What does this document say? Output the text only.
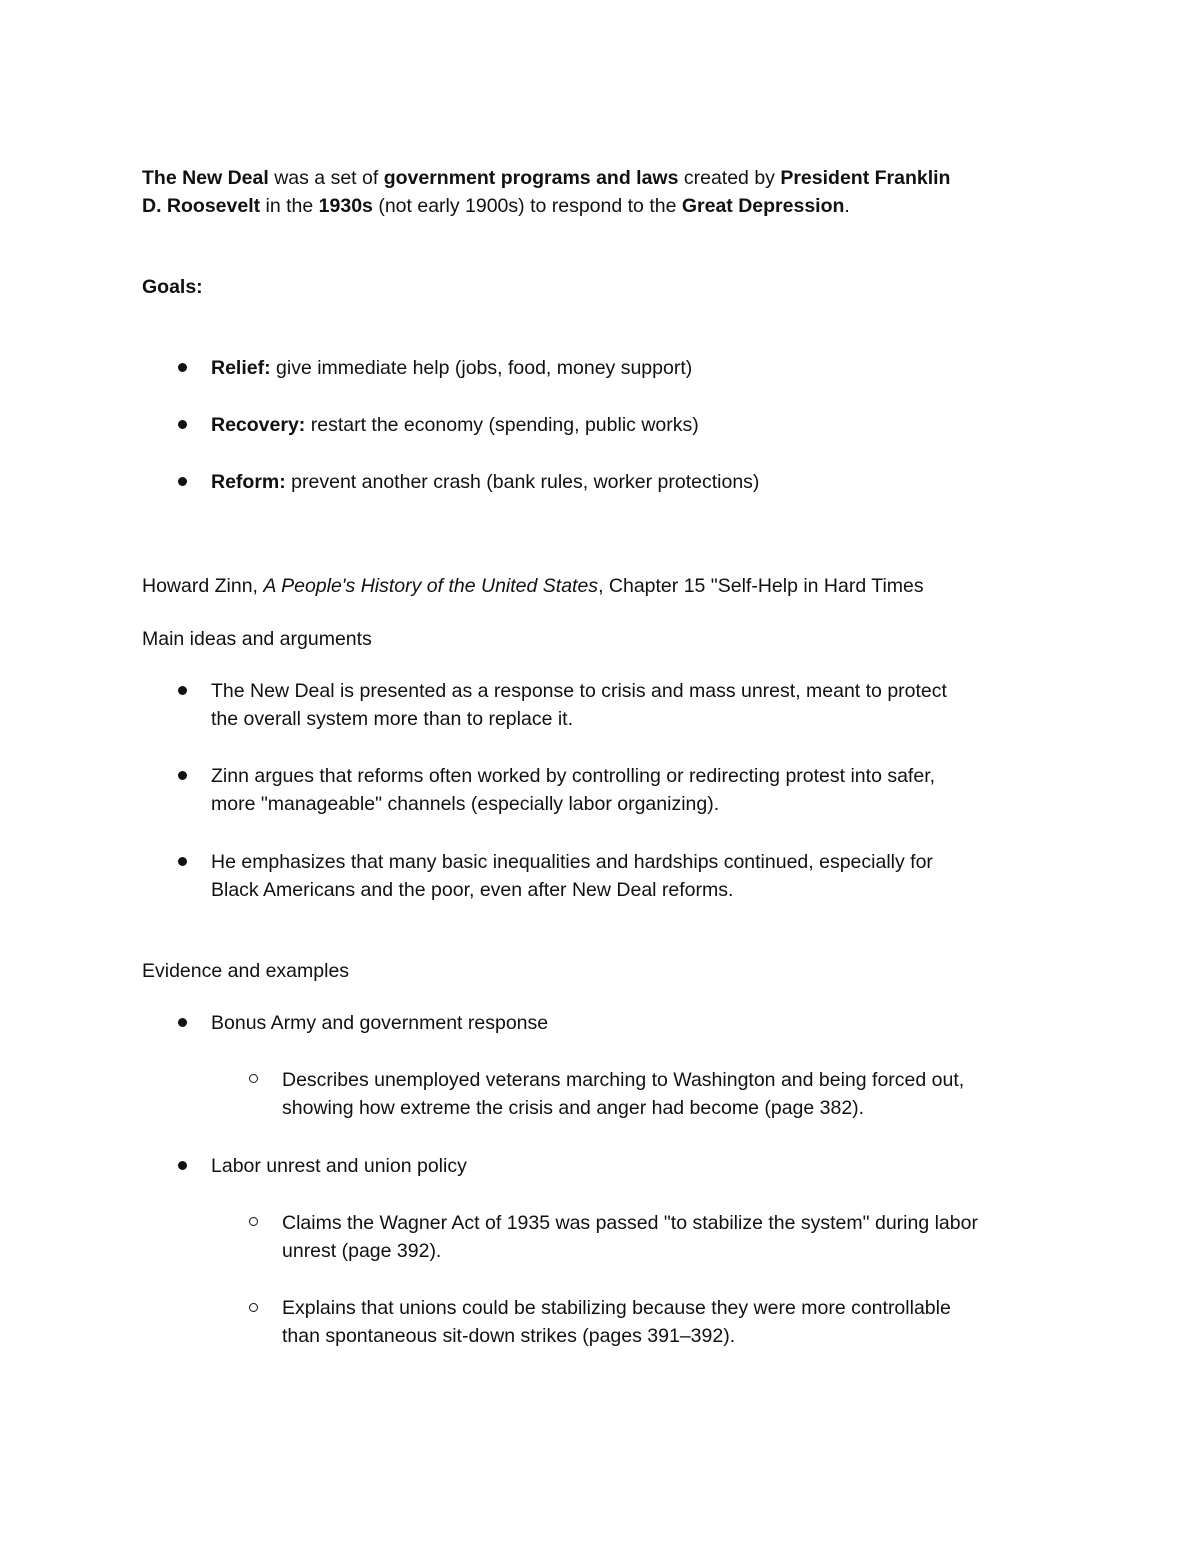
The New Deal was a set of government programs and laws created by President Franklin
D. Roosevelt in the 1930s (not early 1900s) to respond to the Great Depression.
Goals:
Relief: give immediate help (jobs, food, money support)
Recovery: restart the economy (spending, public works)
Reform: prevent another crash (bank rules, worker protections)
Howard Zinn, A People's History of the United States, Chapter 15 "Self-Help in Hard Times
Main ideas and arguments
The New Deal is presented as a response to crisis and mass unrest, meant to protect
the overall system more than to replace it.
Zinn argues that reforms often worked by controlling or redirecting protest into safer,
more "manageable" channels (especially labor organizing).
He emphasizes that many basic inequalities and hardships continued, especially for
Black Americans and the poor, even after New Deal reforms.
Evidence and examples
Bonus Army and government response
Describes unemployed veterans marching to Washington and being forced out,
showing how extreme the crisis and anger had become (page 382).
Labor unrest and union policy
Claims the Wagner Act of 1935 was passed "to stabilize the system" during labor
unrest (page 392).
Explains that unions could be stabilizing because they were more controllable
than spontaneous sit-down strikes (pages 391–392).
